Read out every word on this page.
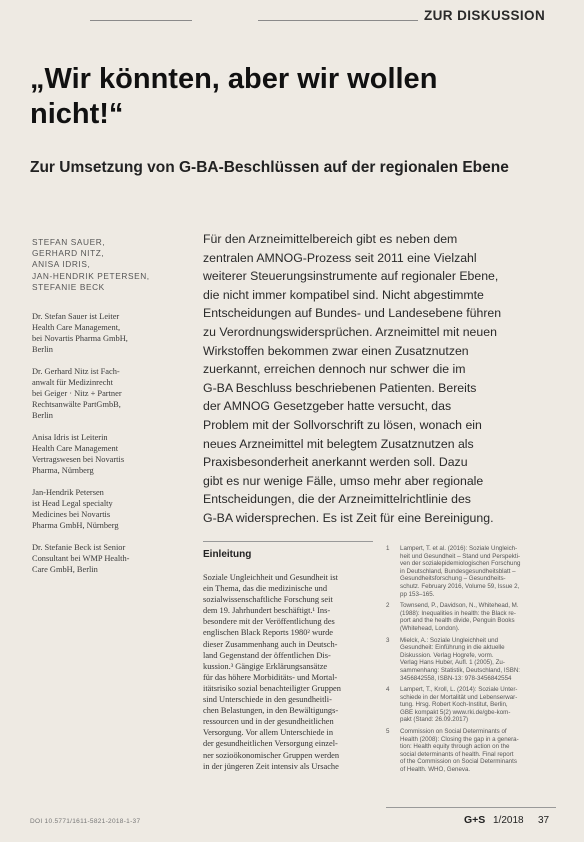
ZUR DISKUSSION
„Wir könnten, aber wir wollen nicht!“
Zur Umsetzung von G-BA-Beschlüssen auf der regionalen Ebene
STEFAN SAUER,
GERHARD NITZ,
ANISA IDRIS,
JAN-HENDRIK PETERSEN,
STEFANIE BECK
Dr. Stefan Sauer ist Leiter
Health Care Management,
bei Novartis Pharma GmbH,
Berlin
Dr. Gerhard Nitz ist Fach-
anwalt für Medizinrecht
bei Geiger · Nitz + Partner
Rechtsanwälte PartGmbB,
Berlin
Anisa Idris ist Leiterin
Health Care Management
Vertragswesen bei Novartis
Pharma, Nürnberg
Jan-Hendrik Petersen
ist Head Legal specialty
Medicines bei Novartis
Pharma GmbH, Nürnberg
Dr. Stefanie Beck ist Senior
Consultant bei WMP Health-
Care GmbH, Berlin
Für den Arzneimittelbereich gibt es neben dem
zentralen AMNOG-Prozess seit 2011 eine Vielzahl
weiterer Steuerungsinstrumente auf regionaler Ebene,
die nicht immer kompatibel sind. Nicht abgestimmte
Entscheidungen auf Bundes- und Landesebene führen
zu Verordnungswidersprüchen. Arzneimittel mit neuen
Wirkstoffen bekommen zwar einen Zusatznutzen
zuerkannt, erreichen dennoch nur schwer die im
G-BA Beschluss beschriebenen Patienten. Bereits
der AMNOG Gesetzgeber hatte versucht, das
Problem mit der Sollvorschrift zu lösen, wonach ein
neues Arzneimittel mit belegtem Zusatznutzen als
Praxisbesonderheit anerkannt werden soll. Dazu
gibt es nur wenige Fälle, umso mehr aber regionale
Entscheidungen, die der Arzneimittelrichtlinie des
G-BA widersprechen. Es ist Zeit für eine Bereinigung.
Einleitung
Soziale Ungleichheit und Gesundheit ist
ein Thema, das die medizinische und
sozialwissenschaftliche Forschung seit
dem 19. Jahrhundert beschäftigt.¹ Ins-
besondere mit der Veröffentlichung des
englischen Black Reports 1980² wurde
dieser Zusammenhang auch in Deutsch-
land Gegenstand der öffentlichen Dis-
kussion.³ Gängige Erklärungsansätze
für das höhere Morbiditäts- und Mortal-
itätsrisiko sozial benachteiligter Gruppen
sind Unterschiede in den gesundheitli-
chen Belastungen, in den Bewältigungs-
ressourcen und in der gesundheitlichen
Versorgung. Vor allem Unterschiede in
der gesundheitlichen Versorgung einzel-
ner sozioökonomischer Gruppen werden
in der jüngeren Zeit intensiv als Ursache
1 Lampert, T. et al. (2016): Soziale Ungleich-
heit und Gesundheit – Stand und Perspekti-
ven der sozialepidemiologischen Forschung
in Deutschland, Bundesgesundheitsblatt –
Gesundheitsforschung – Gesundheits-
schutz. February 2016, Volume 59, Issue 2,
pp 153–165.
2 Townsend, P., Davidson, N., Whitehead, M.
(1988): Inequalities in health: the Black re-
port and the health divide, Penguin Books
(Whitehead, London).
3 Mielck, A.: Soziale Ungleichheit und
Gesundheit: Einführung in die aktuelle
Diskussion. Verlag Hogrefe, vorm.
Verlag Hans Huber, Aufl. 1 (2005), Zu-
sammenhang: Statistik, Deutschland, ISBN:
3456842558, ISBN-13: 978-3456842554
4 Lampert, T., Kroll, L. (2014): Soziale Unter-
schiede in der Mortalität und Lebenserwar-
tung. Hrsg. Robert Koch-Institut, Berlin,
GBE kompakt 5(2) www.rki.de/gbe-kom-
pakt (Stand: 26.09.2017)
5 Commission on Social Determinants of
Health (2008): Closing the gap in a genera-
tion: Health equity through action on the
social determinants of health. Final report
of the Commission on Social Determinants
of Health. WHO, Geneva.
DOI 10.5771/1611-5821-2018-1-37	G+S 1/2018 37
